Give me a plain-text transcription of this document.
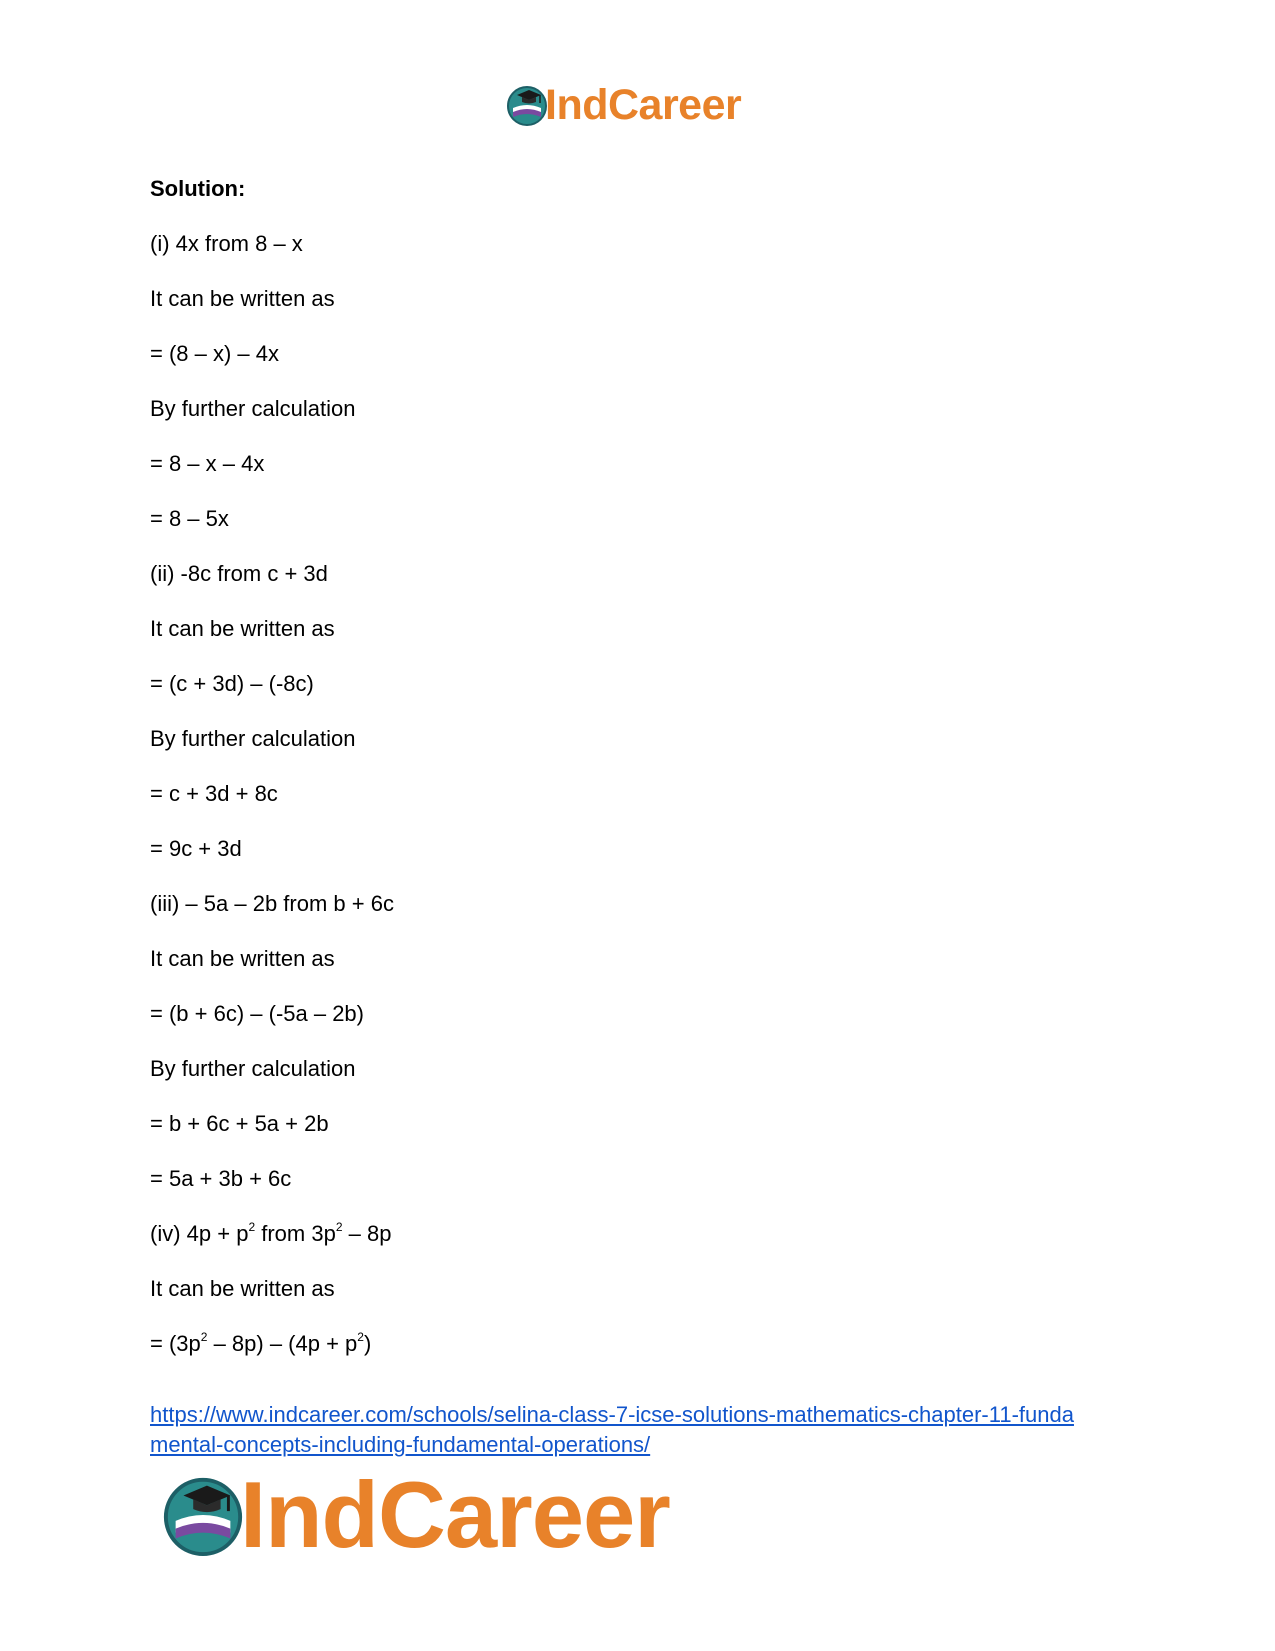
IndCareer
Solution:
(i) 4x from 8 – x
It can be written as
= (8 – x) – 4x
By further calculation
= 8 – x – 4x
= 8 – 5x
(ii) -8c from c + 3d
It can be written as
= (c + 3d) – (-8c)
By further calculation
= c + 3d + 8c
= 9c + 3d
(iii) – 5a – 2b from b + 6c
It can be written as
= (b + 6c) – (-5a – 2b)
By further calculation
= b + 6c + 5a + 2b
= 5a + 3b + 6c
(iv) $4p + p^2$ from $3p^2 - 8p$
It can be written as
= $(3p^2 - 8p) - (4p + p^2)$
https://www.indcareer.com/schools/selina-class-7-icse-solutions-mathematics-chapter-11-funda
mental-concepts-including-fundamental-operations/
IndCareer
